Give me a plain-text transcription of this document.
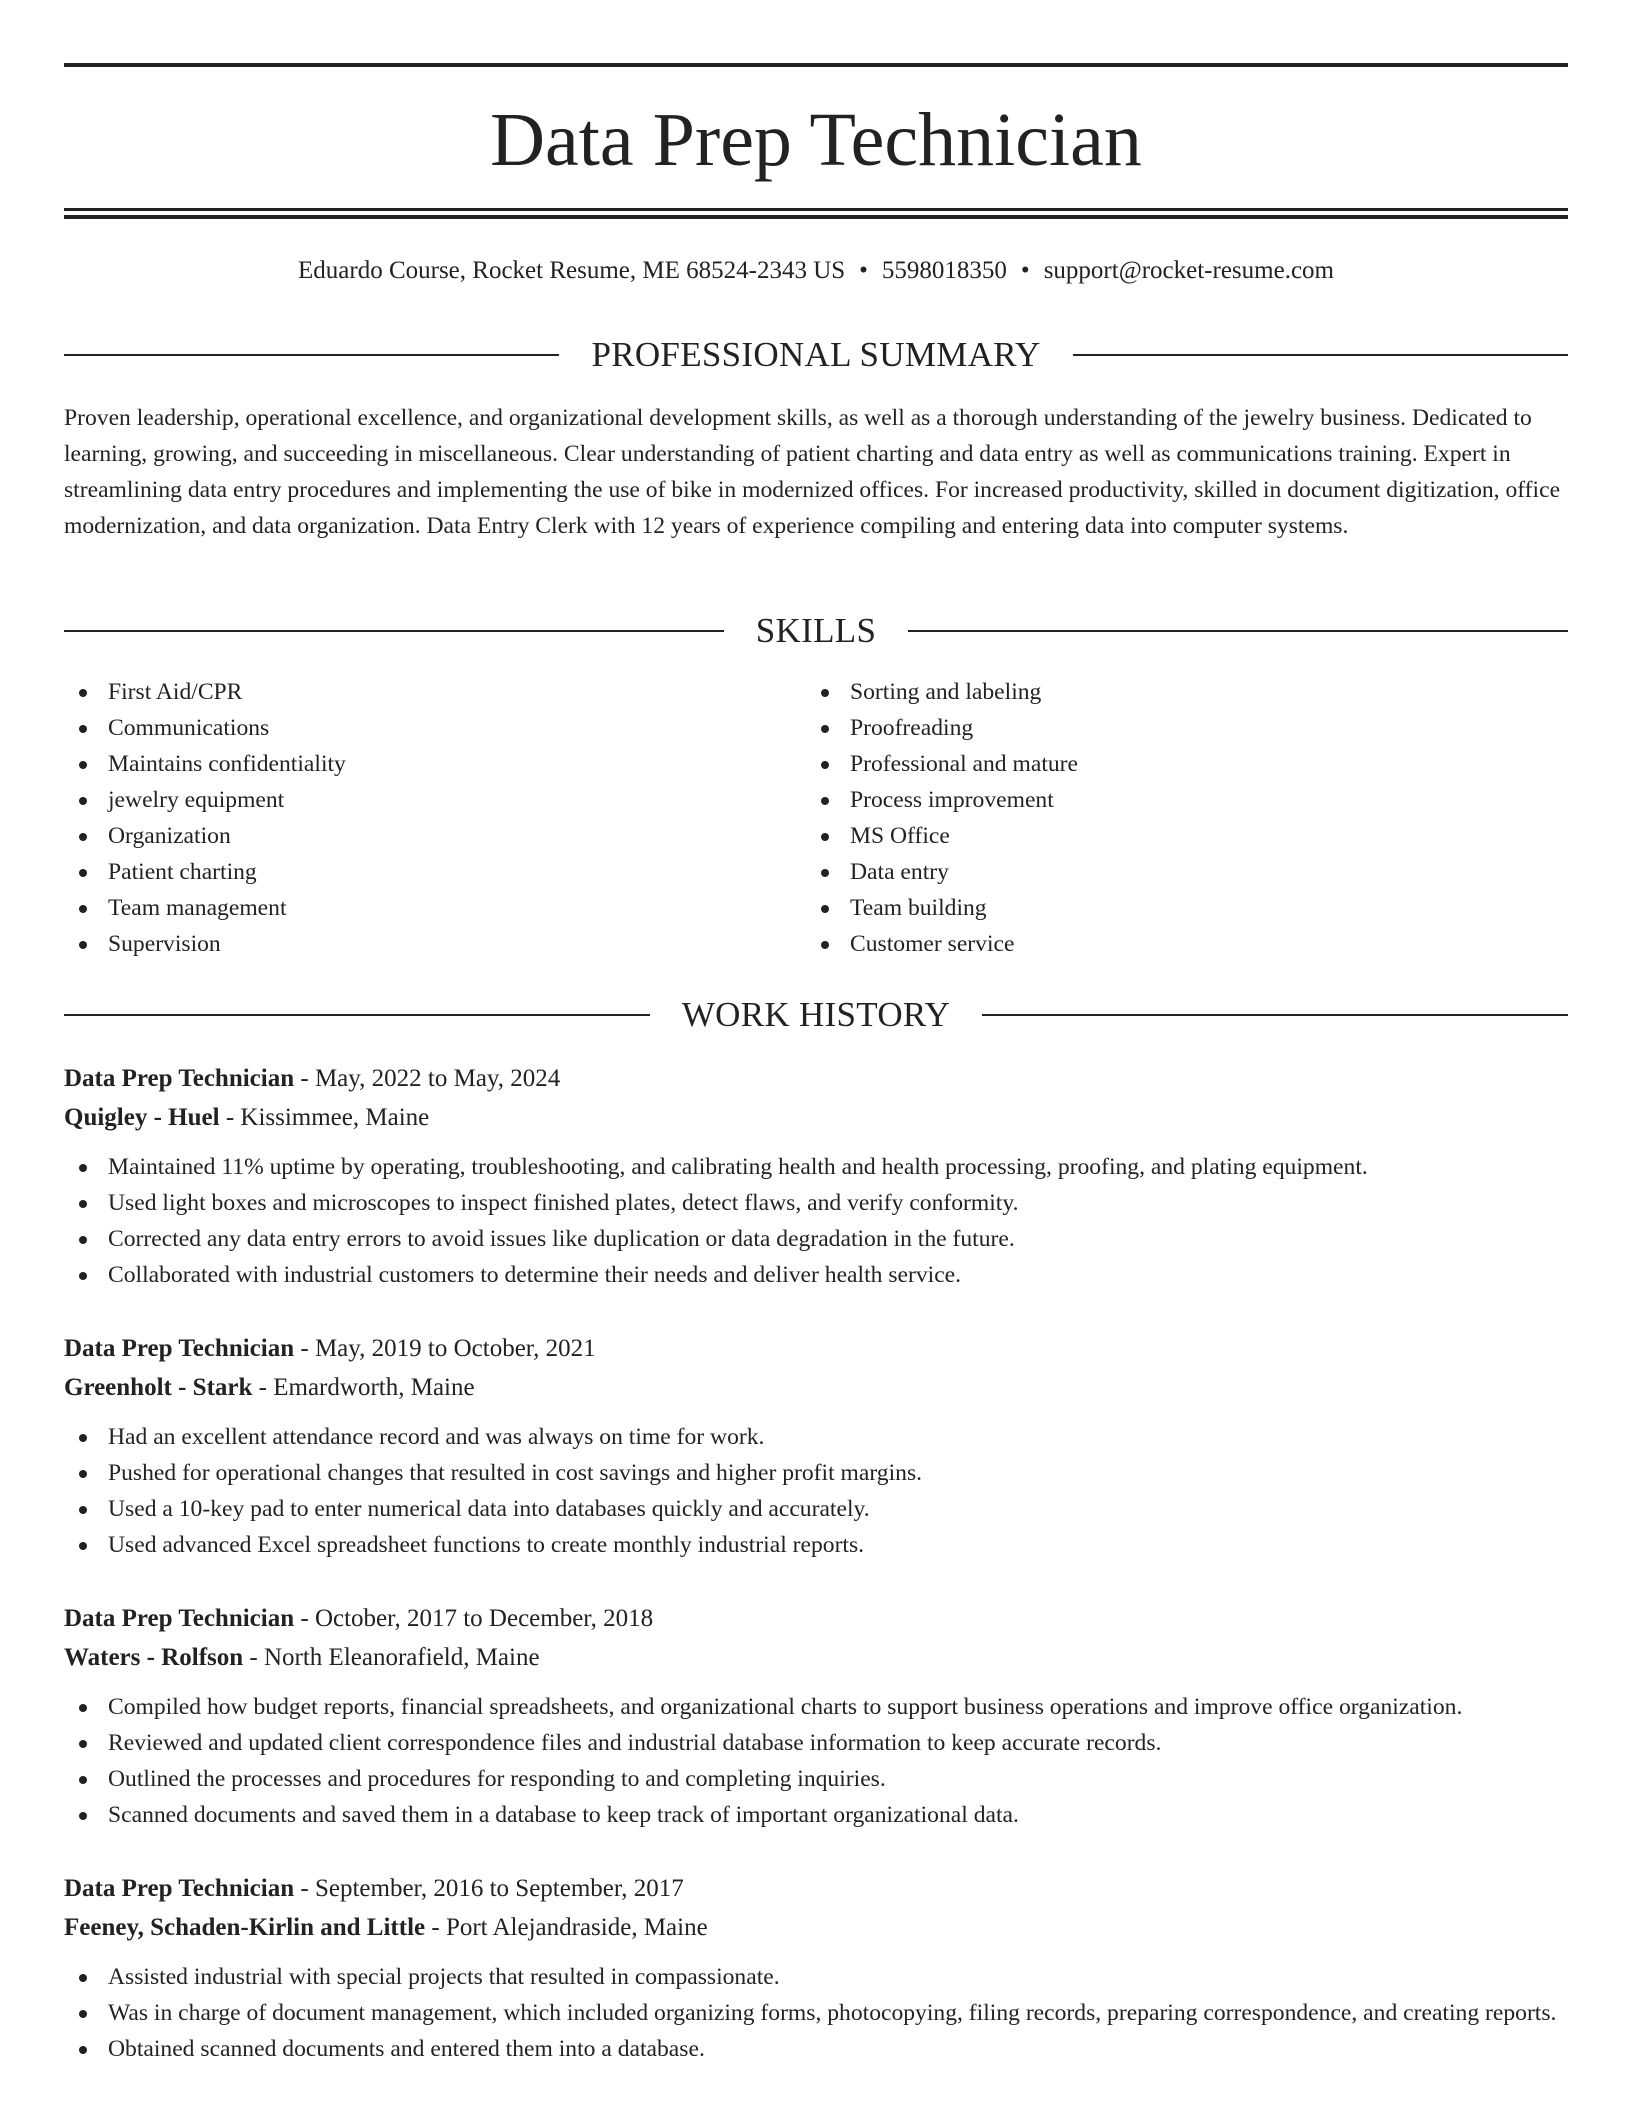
Data Prep Technician
Eduardo Course, Rocket Resume, ME 68524-2343 US • 5598018350 • support@rocket-resume.com
PROFESSIONAL SUMMARY

Proven leadership, operational excellence, and organizational development skills, as well as a thorough understanding of the jewelry business. Dedicated to learning, growing, and succeeding in miscellaneous. Clear understanding of patient charting and data entry as well as communications training. Expert in streamlining data entry procedures and implementing the use of bike in modernized offices. For increased productivity, skilled in document digitization, office modernization, and data organization. Data Entry Clerk with 12 years of experience compiling and entering data into computer systems.

SKILLS
First Aid/CPR
Communications
Maintains confidentiality
jewelry equipment
Organization
Patient charting
Team management
Supervision
Sorting and labeling
Proofreading
Professional and mature
Process improvement
MS Office
Data entry
Team building
Customer service
WORK HISTORY
Data Prep Technician - May, 2022 to May, 2024
Quigley - Huel - Kissimmee, Maine
Maintained 11% uptime by operating, troubleshooting, and calibrating health and health processing, proofing, and plating equipment.
Used light boxes and microscopes to inspect finished plates, detect flaws, and verify conformity.
Corrected any data entry errors to avoid issues like duplication or data degradation in the future.
Collaborated with industrial customers to determine their needs and deliver health service.
Data Prep Technician - May, 2019 to October, 2021
Greenholt - Stark - Emardworth, Maine
Had an excellent attendance record and was always on time for work.
Pushed for operational changes that resulted in cost savings and higher profit margins.
Used a 10-key pad to enter numerical data into databases quickly and accurately.
Used advanced Excel spreadsheet functions to create monthly industrial reports.
Data Prep Technician - October, 2017 to December, 2018
Waters - Rolfson - North Eleanorafield, Maine
Compiled how budget reports, financial spreadsheets, and organizational charts to support business operations and improve office organization.
Reviewed and updated client correspondence files and industrial database information to keep accurate records.
Outlined the processes and procedures for responding to and completing inquiries.
Scanned documents and saved them in a database to keep track of important organizational data.
Data Prep Technician - September, 2016 to September, 2017
Feeney, Schaden-Kirlin and Little - Port Alejandraside, Maine
Assisted industrial with special projects that resulted in compassionate.
Was in charge of document management, which included organizing forms, photocopying, filing records, preparing correspondence, and creating reports.
Obtained scanned documents and entered them into a database.
